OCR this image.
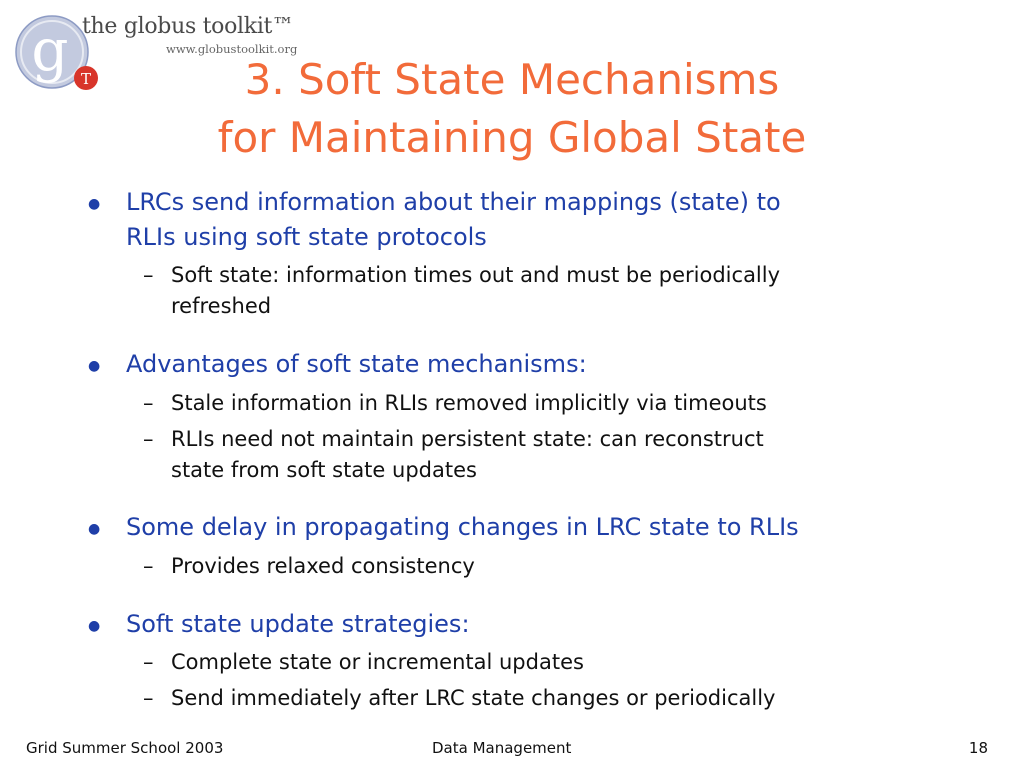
g T
the globus toolkit™
www.globustoolkit.org
3. Soft State Mechanisms
for Maintaining Global State
● LRCs send information about their mappings (state) to
RLIs using soft state protocols
– Soft state: information times out and must be periodically
refreshed
● Advantages of soft state mechanisms:
– Stale information in RLIs removed implicitly via timeouts
– RLIs need not maintain persistent state: can reconstruct
state from soft state updates
● Some delay in propagating changes in LRC state to RLIs
– Provides relaxed consistency
● Soft state update strategies:
– Complete state or incremental updates
– Send immediately after LRC state changes or periodically
Grid Summer School 2003	Data Management	18
